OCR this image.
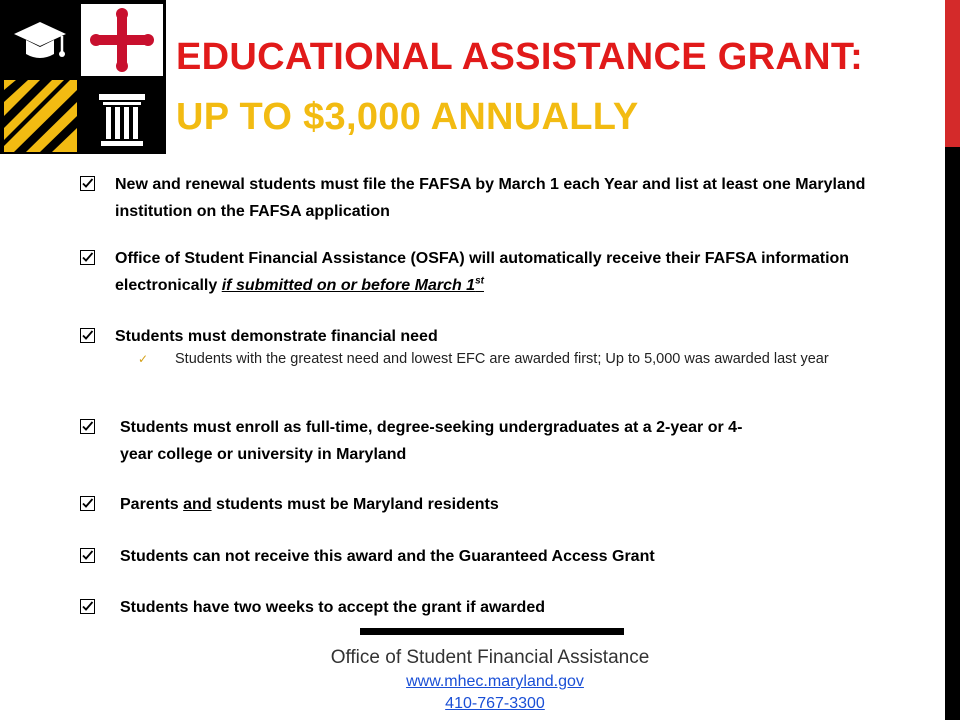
EDUCATIONAL ASSISTANCE GRANT:
UP TO $3,000 ANNUALLY
New and renewal students must file the FAFSA by March 1 each Year and list at least one Maryland institution on the FAFSA application
Office of Student Financial Assistance (OSFA) will automatically receive their FAFSA information electronically if submitted on or before March 1st
Students must demonstrate financial need
✓ Students with the greatest need and lowest EFC are awarded first; Up to 5,000 was awarded last year
Students must enroll as full-time, degree-seeking undergraduates at a 2-year or 4-year college or university in Maryland
Parents and students must be Maryland residents
Students can not receive this award and the Guaranteed Access Grant
Students have two weeks to accept the grant if awarded
Office of Student Financial Assistance
www.mhec.maryland.gov
410-767-3300
